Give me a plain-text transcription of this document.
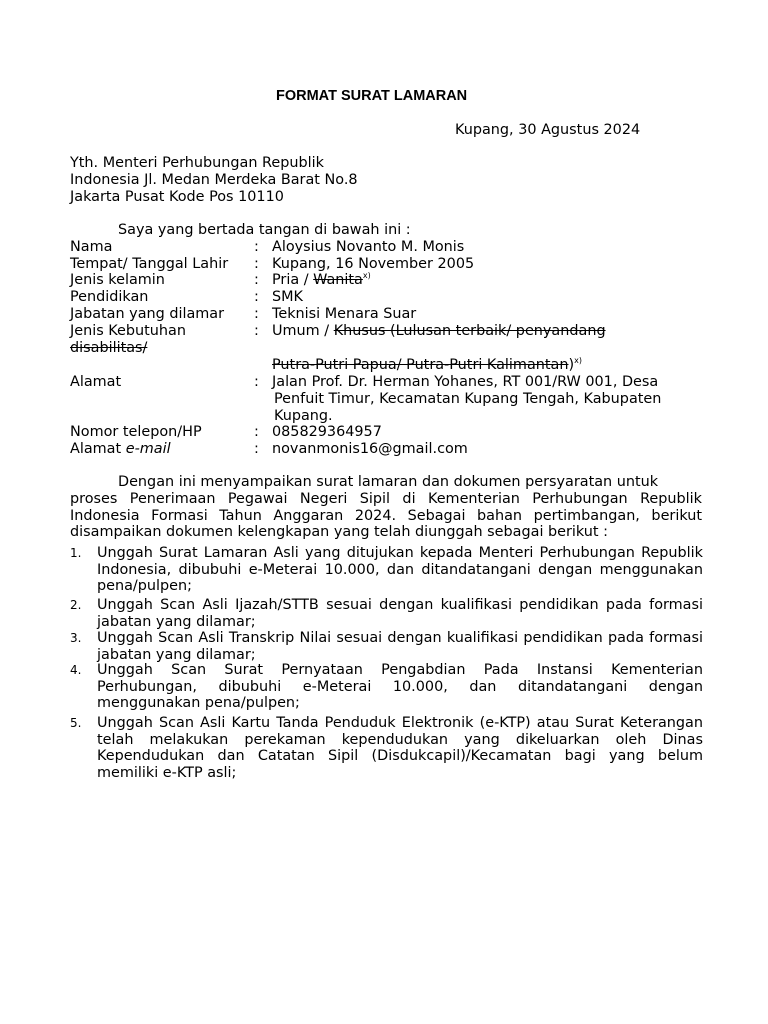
FORMAT SURAT LAMARAN
Kupang, 30 Agustus 2024
Yth. Menteri Perhubungan Republik
Indonesia Jl. Medan Merdeka Barat No.8
Jakarta Pusat Kode Pos 10110
Saya yang bertada tangan di bawah ini :
Nama	: Aloysius Novanto M. Monis
Tempat/ Tanggal Lahir : Kupang, 16 November 2005
Jenis kelamin	: Pria / Wanita$^{x)}$
Pendidikan	: SMK
Jabatan yang dilamar : Teknisi Menara Suar
Jenis Kebutuhan	: Umum / Khusus (Lulusan terbaik/ penyandang
disabilitas/
Putra-Putri Papua/ Putra-Putri Kalimantan)$^{x)}$
Alamat	: Jalan Prof. Dr. Herman Yohanes, RT 001/RW 001, Desa
Penfuit Timur, Kecamatan Kupang Tengah, Kabupaten
Kupang.
Nomor telepon/HP	: 085829364957
Alamat e-mail	: novanmonis16@gmail.com
Dengan ini menyampaikan surat lamaran dan dokumen persyaratan untuk
proses Penerimaan Pegawai Negeri Sipil di Kementerian Perhubungan Republik Indonesia Formasi Tahun Anggaran 2024. Sebagai bahan pertimbangan, berikut disampaikan dokumen kelengkapan yang telah diunggah sebagai berikut :
1. Unggah Surat Lamaran Asli yang ditujukan kepada Menteri Perhubungan Republik Indonesia, dibubuhi e-Meterai 10.000, dan ditandatangani dengan menggunakan pena/pulpen;
2. Unggah Scan Asli Ijazah/STTB sesuai dengan kualifikasi pendidikan pada formasi jabatan yang dilamar;
3. Unggah Scan Asli Transkrip Nilai sesuai dengan kualifikasi pendidikan pada formasi jabatan yang dilamar;
4. Unggah Scan Surat Pernyataan Pengabdian Pada Instansi Kementerian Perhubungan, dibubuhi e-Meterai 10.000, dan ditandatangani dengan menggunakan pena/pulpen;
5. Unggah Scan Asli Kartu Tanda Penduduk Elektronik (e-KTP) atau Surat Keterangan telah melakukan perekaman kependudukan yang dikeluarkan oleh Dinas Kependudukan dan Catatan Sipil (Disdukcapil)/Kecamatan bagi yang belum memiliki e-KTP asli;
